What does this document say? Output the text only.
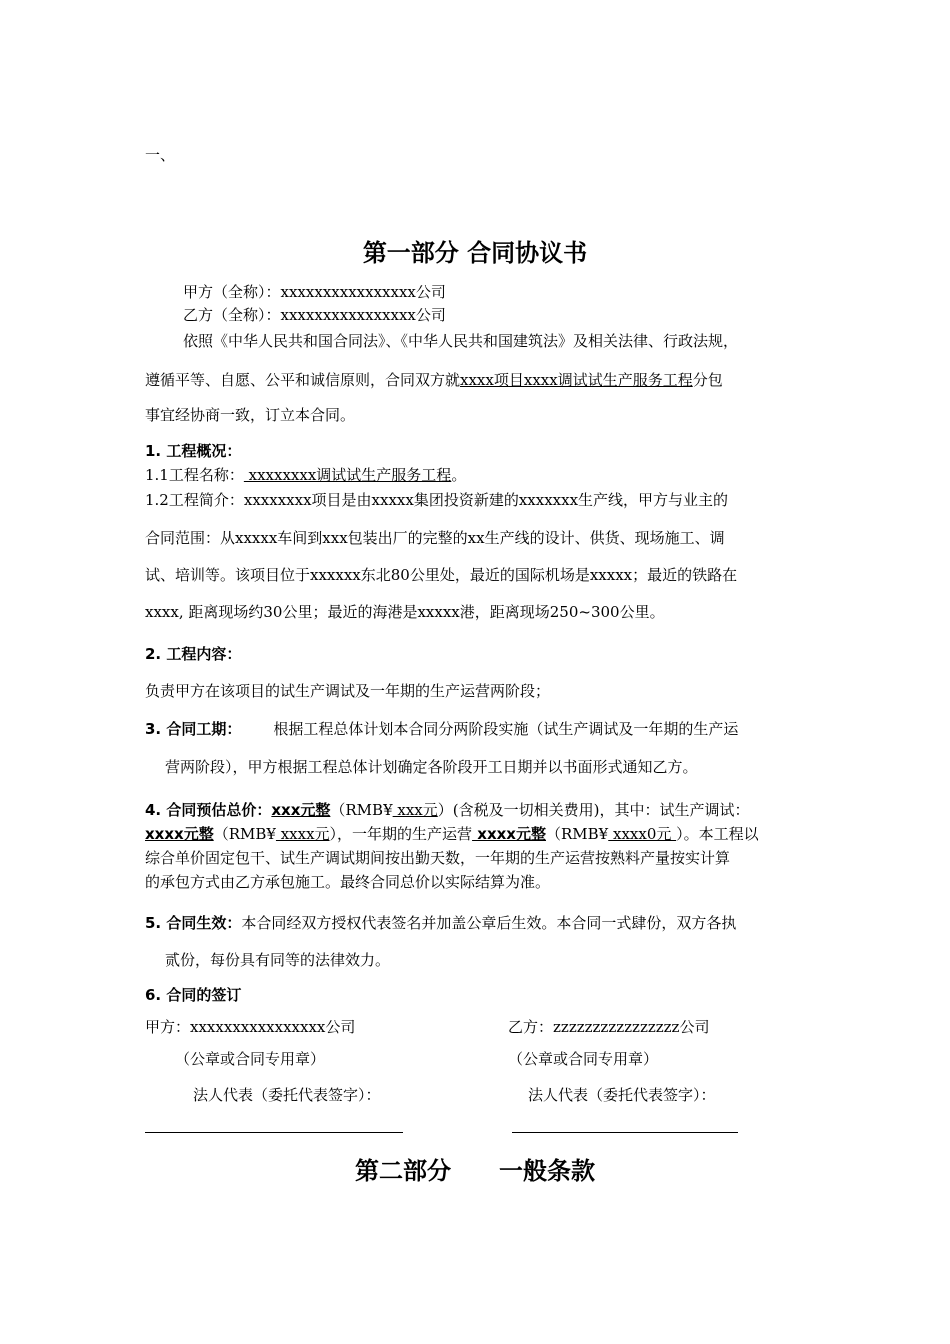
一、
第一部分 合同协议书
甲方（全称）：xxxxxxxxxxxxxxxx公司
乙方（全称）：xxxxxxxxxxxxxxxx公司
依照《中华人民共和国合同法》、《中华人民共和国建筑法》及相关法律、行政法规，
遵循平等、自愿、公平和诚信原则，合同双方就xxxx项目xxxx调试试生产服务工程分包
事宜经协商一致，订立本合同。
1. 工程概况：
1.1工程名称： xxxxxxxx调试试生产服务工程。
1.2工程简介：xxxxxxxx项目是由xxxxx集团投资新建的xxxxxxx生产线，甲方与业主的
合同范围：从xxxxx车间到xxx包装出厂的完整的xx生产线的设计、供货、现场施工、调
试、培训等。该项目位于xxxxxx东北80公里处，最近的国际机场是xxxxx；最近的铁路在
xxxx, 距离现场约30公里；最近的海港是xxxxx港，距离现场250~300公里。
2. 工程内容：
负责甲方在该项目的试生产调试及一年期的生产运营两阶段；
3. 合同工期： 根据工程总体计划本合同分两阶段实施（试生产调试及一年期的生产运
营两阶段），甲方根据工程总体计划确定各阶段开工日期并以书面形式通知乙方。
4. 合同预估总价：xxx元整（RMB¥ xxx元）(含税及一切相关费用)，其中：试生产调试：
xxxx元整（RMB¥ xxxx元），一年期的生产运营 xxxx元整（RMB¥ xxxx0元 ）。本工程以
综合单价固定包干、试生产调试期间按出勤天数，一年期的生产运营按熟料产量按实计算
的承包方式由乙方承包施工。最终合同总价以实际结算为准。
5. 合同生效：本合同经双方授权代表签名并加盖公章后生效。本合同一式肆份，双方各执
贰份，每份具有同等的法律效力。
6. 合同的签订
甲方：xxxxxxxxxxxxxxxx公司	乙方：zzzzzzzzzzzzzzzz公司
（公章或合同专用章）	（公章或合同专用章）
法人代表（委托代表签字）：	法人代表（委托代表签字）：
第二部分　　一般条款
